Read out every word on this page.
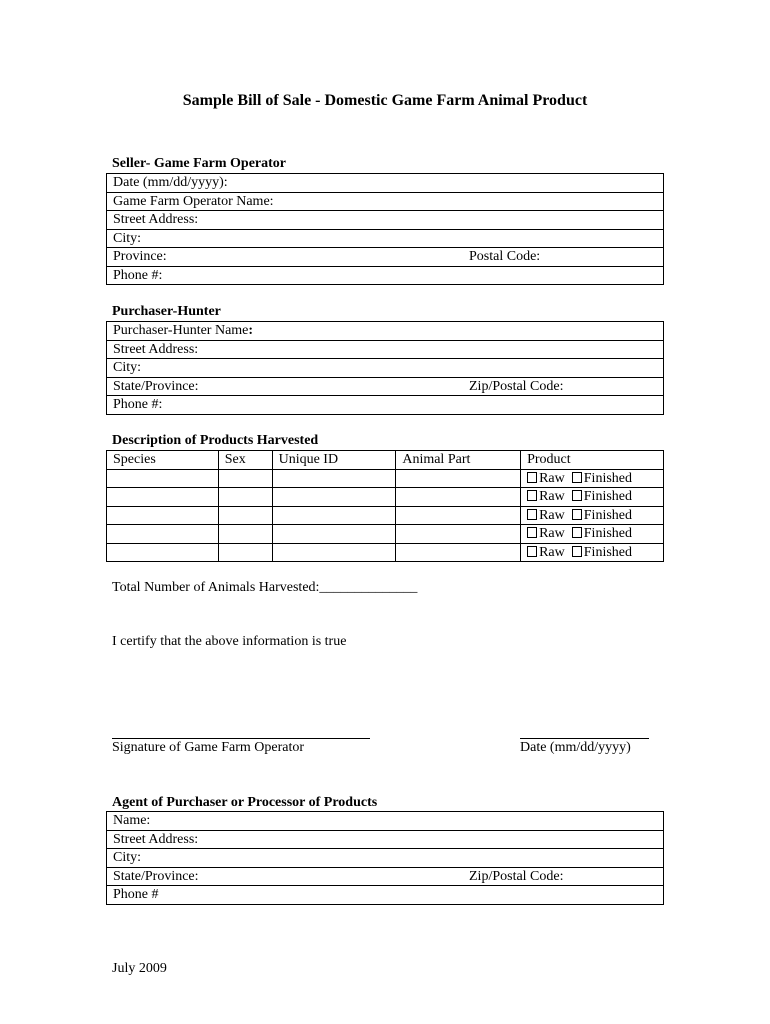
Sample Bill of Sale - Domestic Game Farm Animal Product
Seller- Game Farm Operator
Date (mm/dd/yyyy):
Game Farm Operator Name:
Street Address:
City:
Province:	Postal Code:

Phone #:
Purchaser-Hunter
Purchaser-Hunter Name:
Street Address:
City:
State/Province:	Zip/Postal Code:

Phone #:
Description of Products Harvested
Species	Sex	Unique ID	Animal Part	Product
				Raw Finished
				Raw Finished
				Raw Finished
				Raw Finished
				Raw Finished
Total Number of Animals Harvested:______________
I certify that the above information is true
Signature of Game Farm Operator	Date (mm/dd/yyyy)
Agent of Purchaser or Processor of Products
Name:
Street Address:
City:
State/Province:	Zip/Postal Code:

Phone #
July 2009
